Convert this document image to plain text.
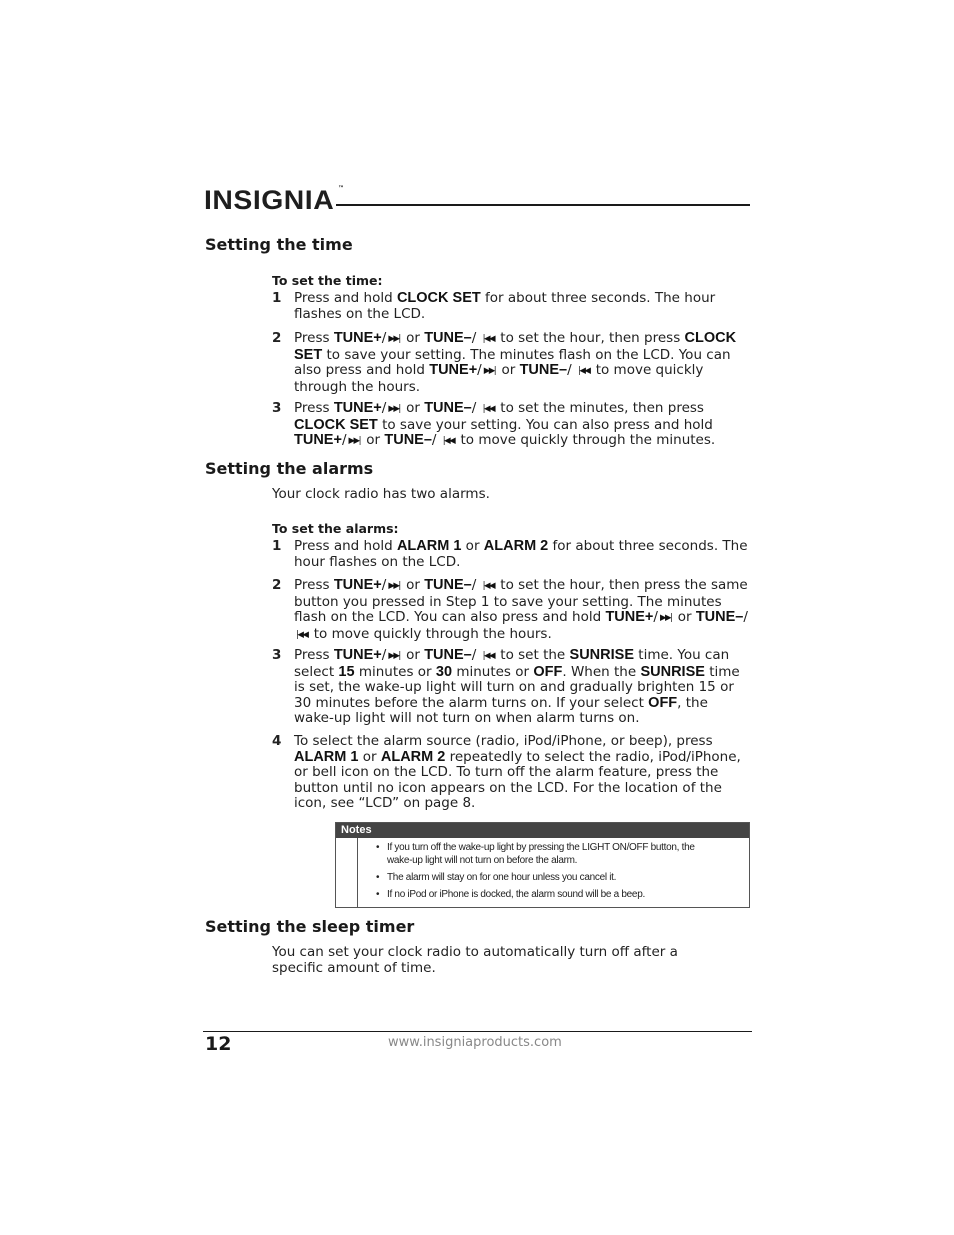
INSIGNIA ™
Setting the time
To set the time:
1 Press and hold CLOCK SET for about three seconds. The hour flashes on the LCD.
2 Press TUNE+/ ▶▶| or TUNE–/ |◀◀ to set the hour, then press CLOCK SET to save your setting. The minutes flash on the LCD. You can also press and hold TUNE+/ ▶▶| or TUNE–/ |◀◀ to move quickly through the hours.
3 Press TUNE+/ ▶▶| or TUNE–/ |◀◀ to set the minutes, then press CLOCK SET to save your setting. You can also press and hold TUNE+/ ▶▶| or TUNE–/ |◀◀ to move quickly through the minutes.
Setting the alarms
Your clock radio has two alarms.
To set the alarms:
1 Press and hold ALARM 1 or ALARM 2 for about three seconds. The hour flashes on the LCD.
2 Press TUNE+/ ▶▶| or TUNE–/ |◀◀ to set the hour, then press the same button you pressed in Step 1 to save your setting. The minutes flash on the LCD. You can also press and hold TUNE+/ ▶▶| or TUNE–/ |◀◀ to move quickly through the hours.
3 Press TUNE+/ ▶▶| or TUNE–/ |◀◀ to set the SUNRISE time. You can select 15 minutes or 30 minutes or OFF. When the SUNRISE time is set, the wake-up light will turn on and gradually brighten 15 or 30 minutes before the alarm turns on. If your select OFF, the wake-up light will not turn on when alarm turns on.
4 To select the alarm source (radio, iPod/iPhone, or beep), press ALARM 1 or ALARM 2 repeatedly to select the radio, iPod/iPhone, or bell icon on the LCD. To turn off the alarm feature, press the button until no icon appears on the LCD. For the location of the icon, see “LCD” on page 8.
Notes
• If you turn off the wake-up light by pressing the LIGHT ON/OFF button, the wake-up light will not turn on before the alarm.
• The alarm will stay on for one hour unless you cancel it.
• If no iPod or iPhone is docked, the alarm sound will be a beep.
Setting the sleep timer
You can set your clock radio to automatically turn off after a specific amount of time.
12	www.insigniaproducts.com
